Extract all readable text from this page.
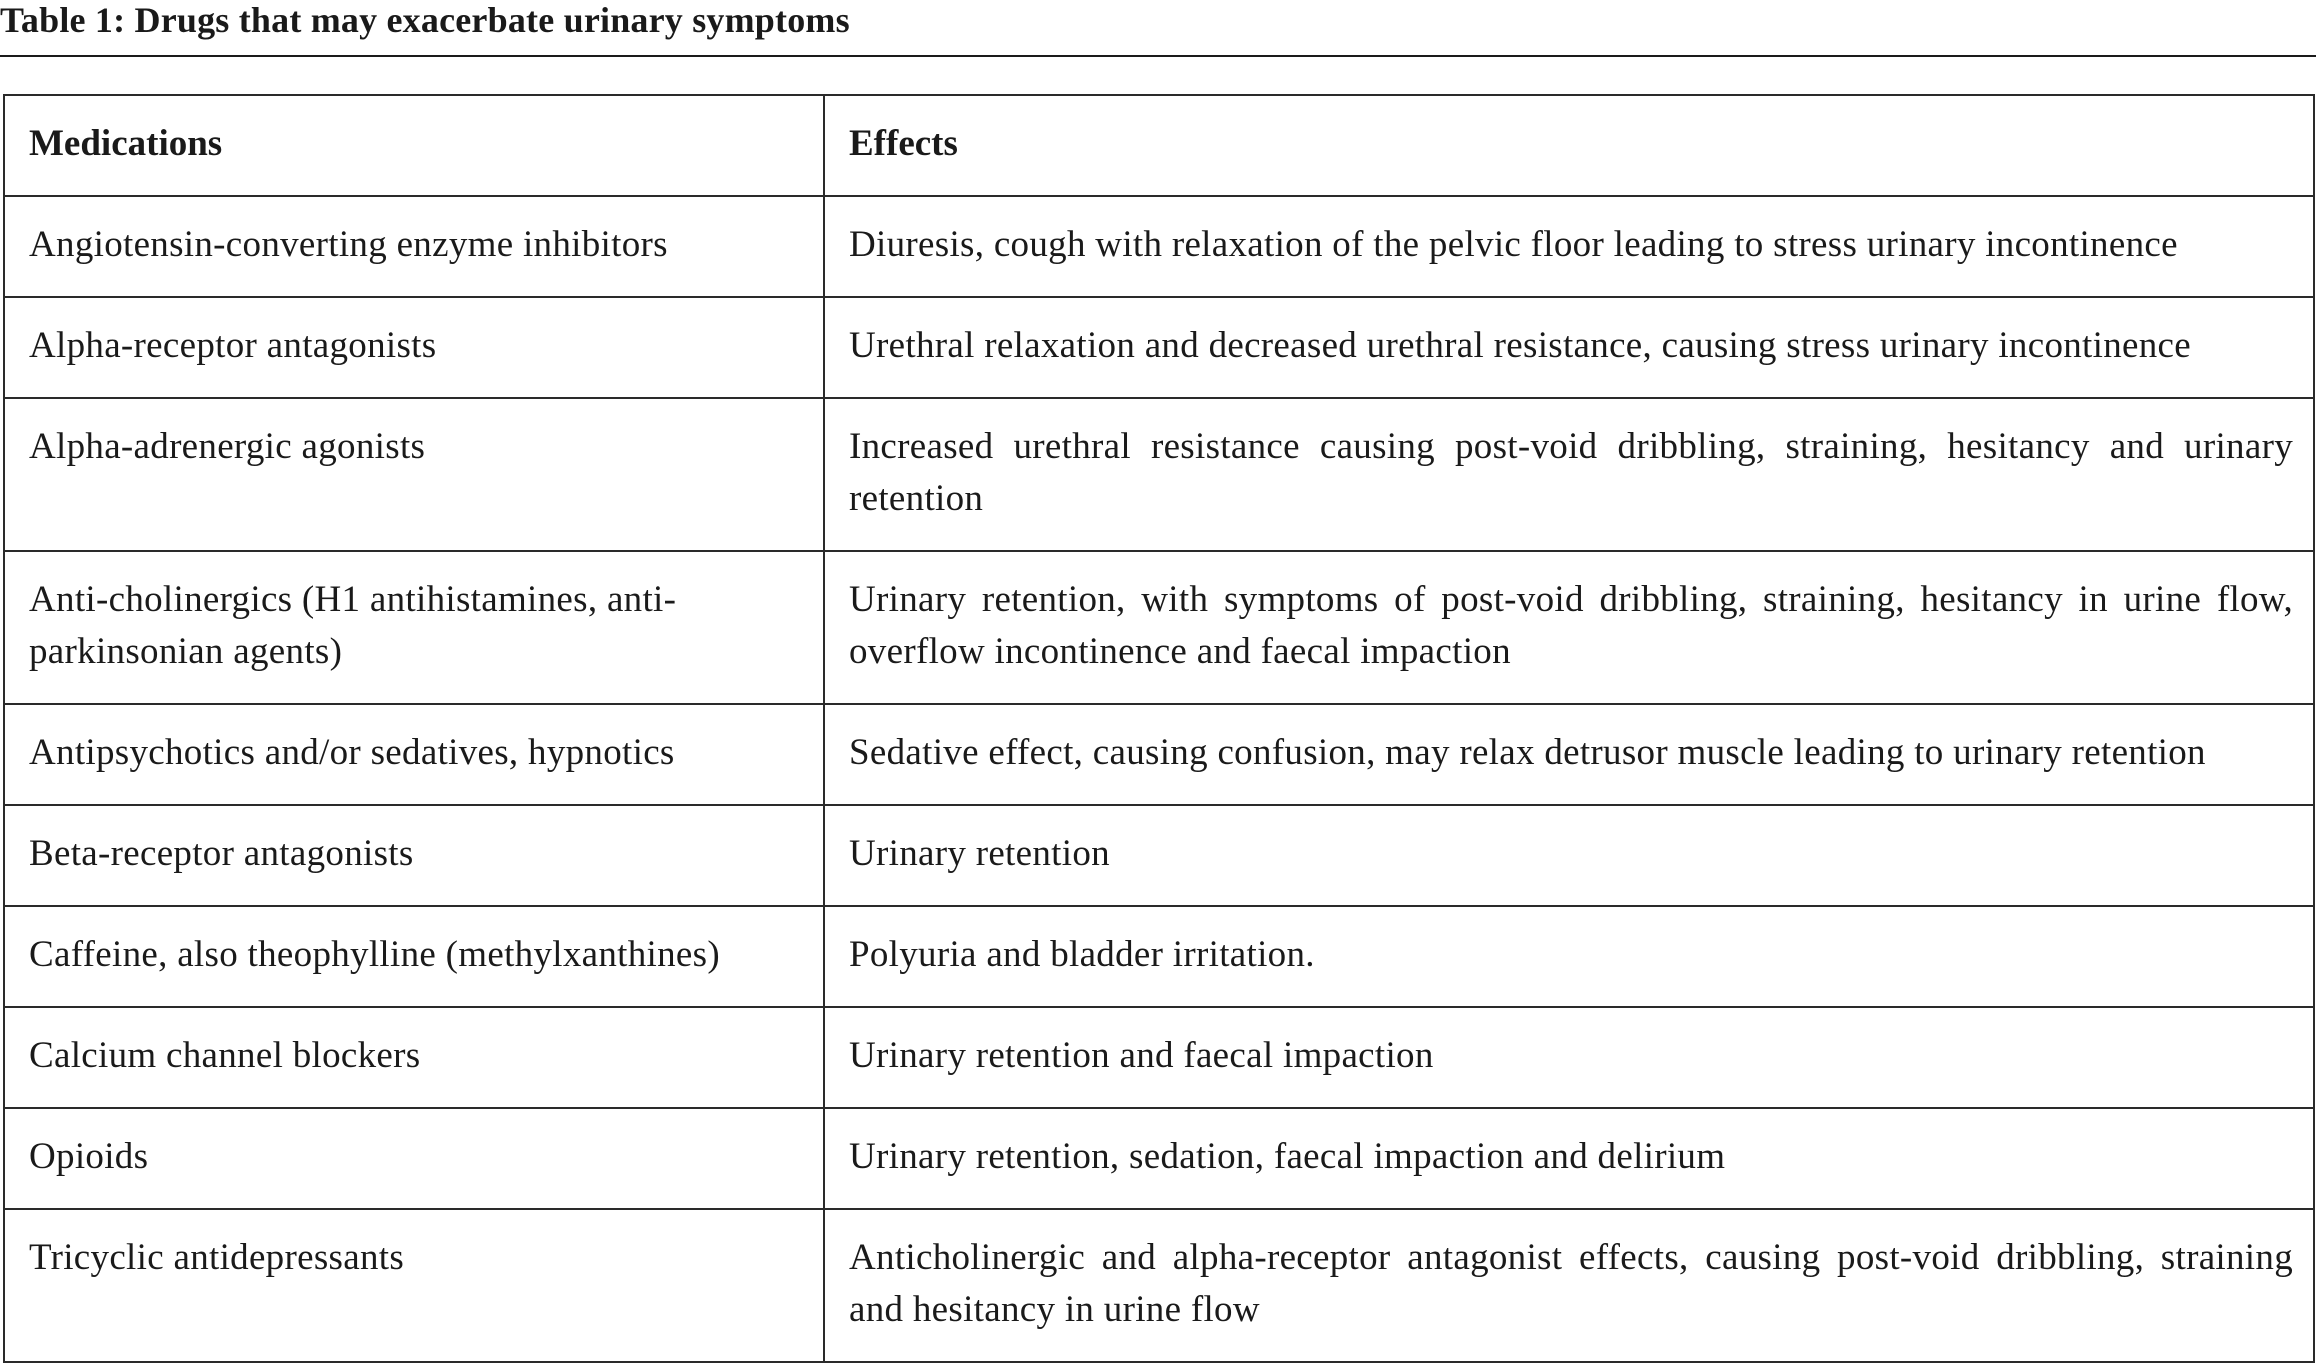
Table 1: Drugs that may exacerbate urinary symptoms
Medications	Effects
Angiotensin-converting enzyme inhibitors	Diuresis, cough with relaxation of the pelvic floor leading to stress urinary incontinence
Alpha-receptor antagonists	Urethral relaxation and decreased urethral resistance, causing stress urinary incontinence
Alpha-adrenergic agonists	Increased urethral resistance causing post-void dribbling, straining, hesitancy and urinary retention
Anti-cholinergics (H1 antihistamines, anti-parkinsonian agents)	Urinary retention, with symptoms of post-void dribbling, straining, hesitancy in urine flow, overflow incontinence and faecal impaction
Antipsychotics and/or sedatives, hypnotics	Sedative effect, causing confusion, may relax detrusor muscle leading to urinary retention
Beta-receptor antagonists	Urinary retention
Caffeine, also theophylline (methylxanthines)	Polyuria and bladder irritation.
Calcium channel blockers	Urinary retention and faecal impaction
Opioids	Urinary retention, sedation, faecal impaction and delirium
Tricyclic antidepressants	Anticholinergic and alpha-receptor antagonist effects, causing post-void dribbling, straining and hesitancy in urine flow
